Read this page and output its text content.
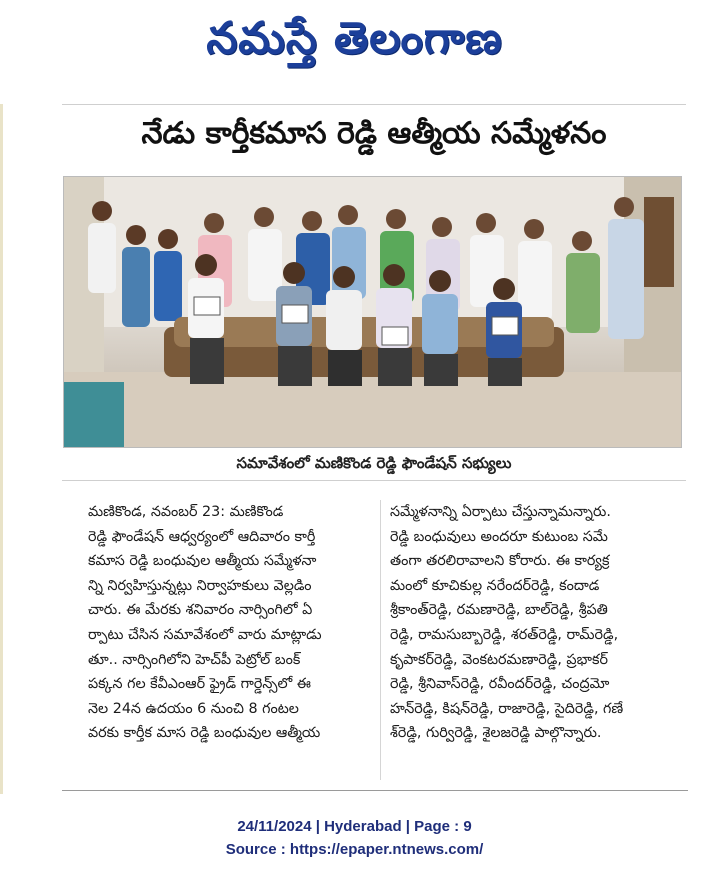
నమస్తే తెలంగాణ
నేడు కార్తీకమాస రెడ్డి ఆత్మీయ సమ్మేళనం
సమావేశంలో మణికొండ రెడ్డి ఫౌండేషన్‌ సభ్యులు
మణికొండ, నవంబర్‌ 23: మణికొండ
రెడ్డి ఫౌండేషన్‌ ఆధ్వర్యంలో ఆదివారం కార్తీ
కమాస రెడ్డి బంధువుల ఆత్మీయ సమ్మేళనా
న్ని నిర్వహిస్తున్నట్లు నిర్వాహకులు వెల్లడిం
చారు. ఈ మేరకు శనివారం నార్సింగిలో ఏ
ర్పాటు చేసిన సమావేశంలో వారు మాట్లాడు
తూ.. నార్సింగిలోని హెచ్‌పీ పెట్రోల్‌ బంక్‌
పక్కన గల కేవీఎంఆర్‌ ఫ్రైడ్‌ గార్డెన్స్‌లో ఈ
నెల 24న ఉదయం 6 నుంచి 8 గంటల
వరకు కార్తీక మాస రెడ్డి బంధువుల ఆత్మీయ
సమ్మేళనాన్ని ఏర్పాటు చేస్తున్నామన్నారు.
రెడ్డి బంధువులు అందరూ కుటుంబ సమే
తంగా తరలిరావాలని కోరారు. ఈ కార్యక్ర
మంలో కూచికుల్ల నరేందర్‌రెడ్డి, కందాడ
శ్రీకాంత్‌రెడ్డి, రమణారెడ్డి, బాల్‌రెడ్డి, శ్రీపతి
రెడ్డి, రామసుబ్బారెడ్డి, శరత్‌రెడ్డి, రామ్‌రెడ్డి,
కృపాకర్‌రెడ్డి, వెంకటరమణారెడ్డి, ప్రభాకర్‌
రెడ్డి, శ్రీనివాస్‌రెడ్డి, రవీందర్‌రెడ్డి, చంద్రమో
హన్‌రెడ్డి, కిషన్‌రెడ్డి, రాజారెడ్డి, సైదిరెడ్డి, గణే
శ్‌రెడ్డి, గుర్విరెడ్డి, శైలజరెడ్డి పాల్గొన్నారు.
24/11/2024 | Hyderabad | Page : 9
Source : https://epaper.ntnews.com/
